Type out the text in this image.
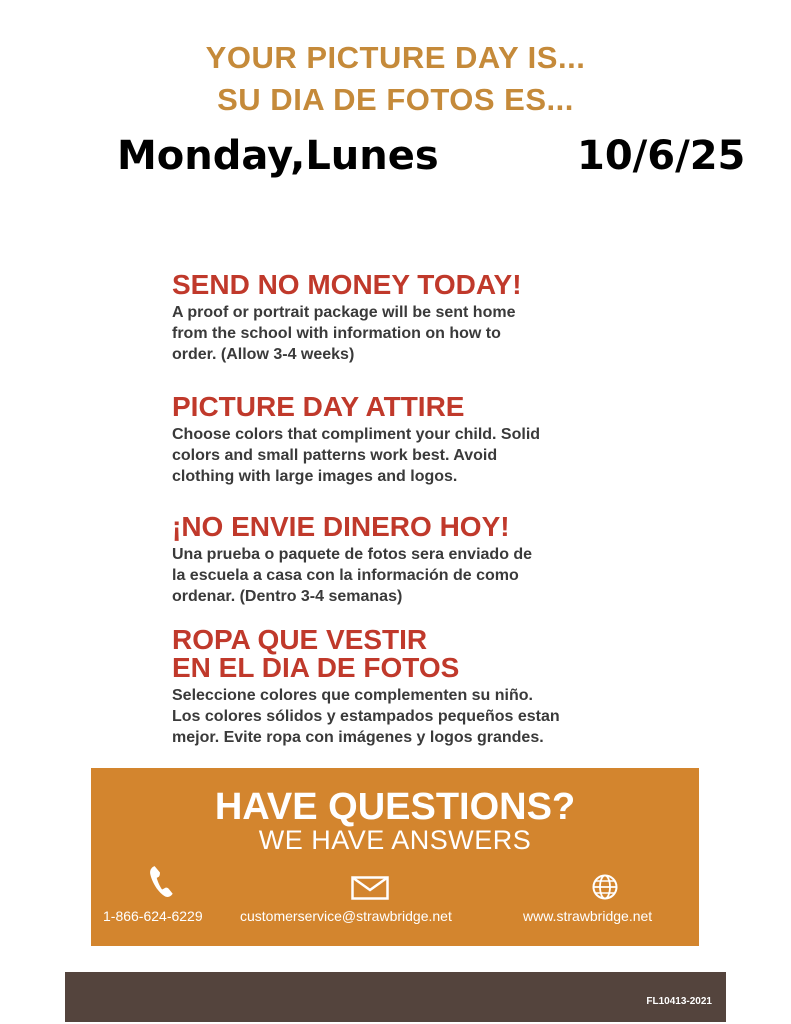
YOUR PICTURE DAY IS...
SU DIA DE FOTOS ES...
Monday,Lunes	10/6/25
SEND NO MONEY TODAY!
A proof or portrait package will be sent home
from the school with information on how to
order. (Allow 3-4 weeks)
PICTURE DAY ATTIRE
Choose colors that compliment your child. Solid
colors and small patterns work best. Avoid
clothing with large images and logos.
¡NO ENVIE DINERO HOY!
Una prueba o paquete de fotos sera enviado de
la escuela a casa con la información de como
ordenar. (Dentro 3-4 semanas)
ROPA QUE VESTIR
EN EL DIA DE FOTOS
Seleccione colores que complementen su niño.
Los colores sólidos y estampados pequeños estan
mejor. Evite ropa con imágenes y logos grandes.
HAVE QUESTIONS?
WE HAVE ANSWERS
1-866-624-6229	customerservice@strawbridge.net	www.strawbridge.net
FL10413-2021
